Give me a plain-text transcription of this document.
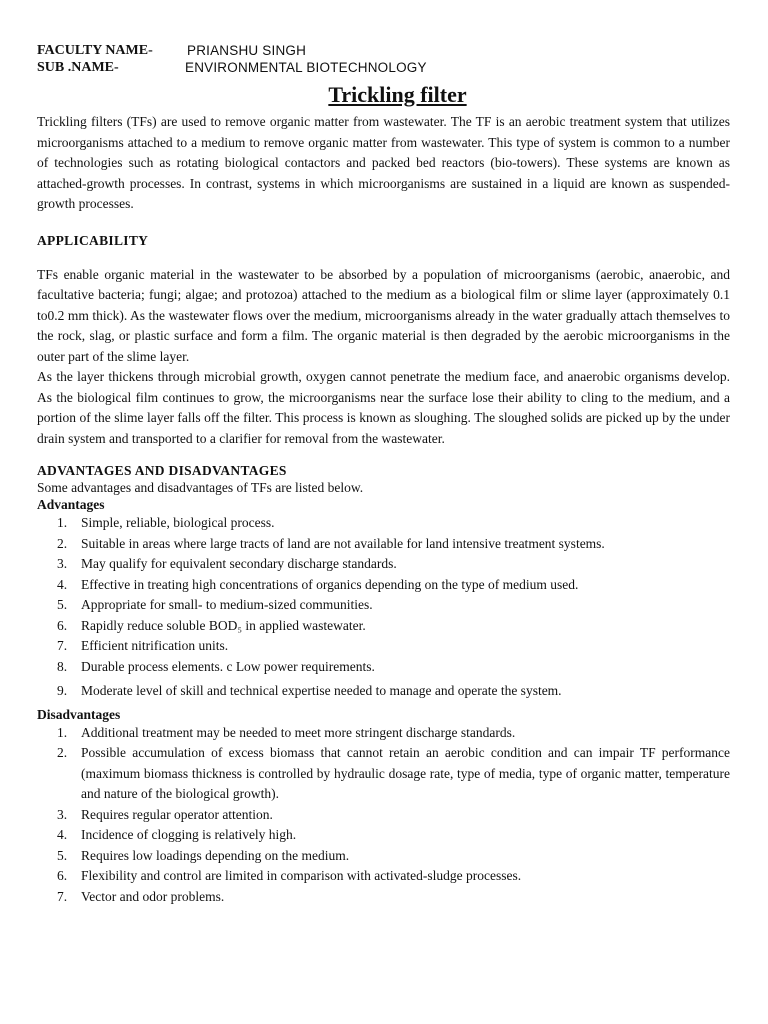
FACULTY NAME-	PRIANSHU SINGH
SUB .NAME-	ENVIRONMENTAL BIOTECHNOLOGY
Trickling filter

Trickling filters (TFs) are used to remove organic matter from wastewater. The TF is an aerobic treatment system that utilizes microorganisms attached to a medium to remove organic matter from wastewater. This type of system is common to a number of technologies such as rotating biological contactors and packed bed reactors (bio-towers). These systems are known as attached-growth processes. In contrast, systems in which microorganisms are sustained in a liquid are known as suspended-growth processes.

APPLICABILITY

TFs enable organic material in the wastewater to be absorbed by a population of microorganisms (aerobic, anaerobic, and facultative bacteria; fungi; algae; and protozoa) attached to the medium as a biological film or slime layer (approximately 0.1 to0.2 mm thick). As the wastewater flows over the medium, microorganisms already in the water gradually attach themselves to the rock, slag, or plastic surface and form a film. The organic material is then degraded by the aerobic microorganisms in the outer part of the slime layer.

As the layer thickens through microbial growth, oxygen cannot penetrate the medium face, and anaerobic organisms develop. As the biological film continues to grow, the microorganisms near the surface lose their ability to cling to the medium, and a portion of the slime layer falls off the filter. This process is known as sloughing. The sloughed solids are picked up by the under drain system and transported to a clarifier for removal from the wastewater.

ADVANTAGES AND DISADVANTAGES

Some advantages and disadvantages of TFs are listed below.

Advantages
1. Simple, reliable, biological process.
2. Suitable in areas where large tracts of land are not available for land intensive treatment systems.
3. May qualify for equivalent secondary discharge standards.
4. Effective in treating high concentrations of organics depending on the type of medium used.
5. Appropriate for small- to medium-sized communities.
6. Rapidly reduce soluble BOD₅ in applied wastewater.
7. Efficient nitrification units.
8. Durable process elements. c Low power requirements.
9. Moderate level of skill and technical expertise needed to manage and operate the system.
Disadvantages
1. Additional treatment may be needed to meet more stringent discharge standards.
2. Possible accumulation of excess biomass that cannot retain an aerobic condition and can impair TF performance (maximum biomass thickness is controlled by hydraulic dosage rate, type of media, type of organic matter, temperature and nature of the biological growth).
3. Requires regular operator attention.
4. Incidence of clogging is relatively high.
5. Requires low loadings depending on the medium.
6. Flexibility and control are limited in comparison with activated-sludge processes.
7. Vector and odor problems.
